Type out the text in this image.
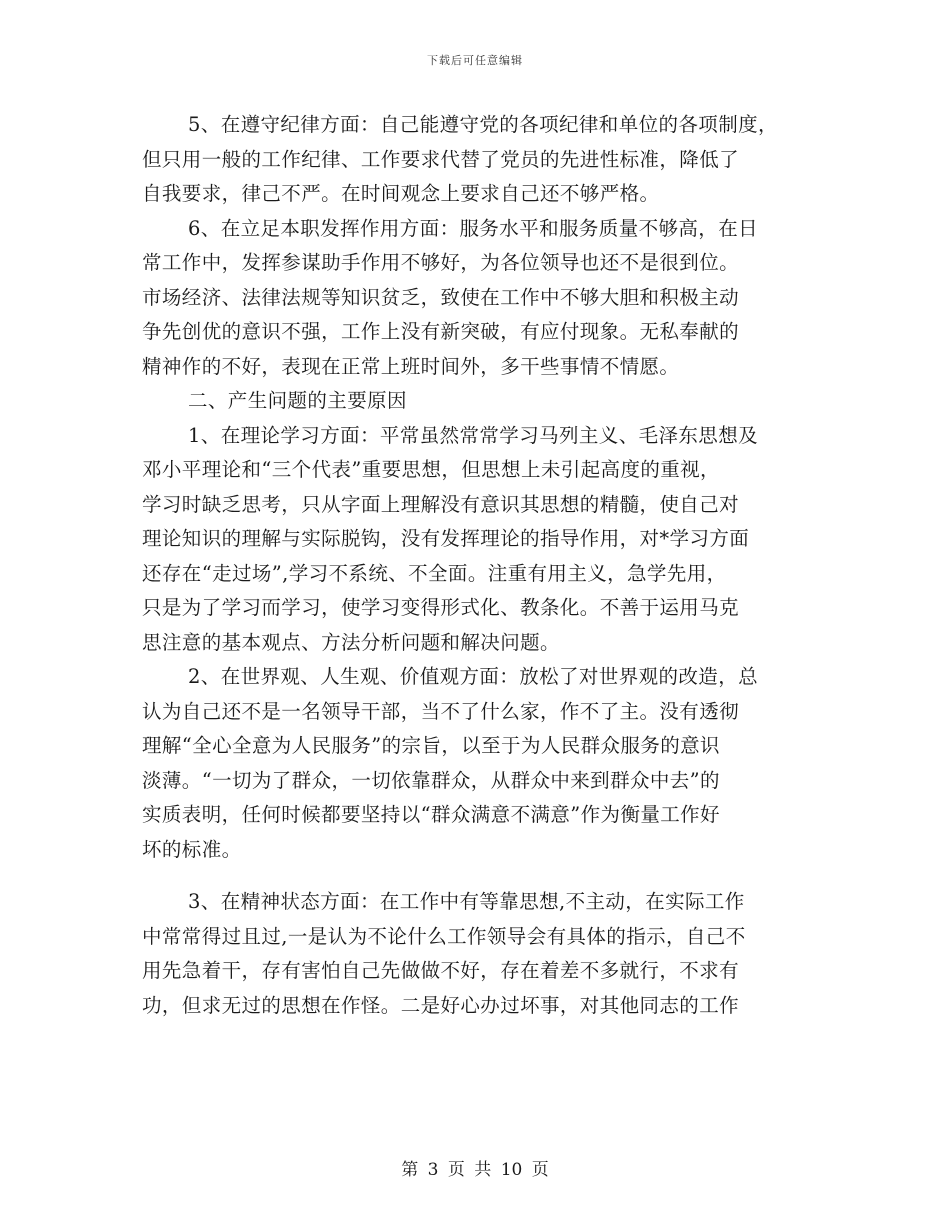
下载后可任意编辑
5、在遵守纪律方面：自己能遵守党的各项纪律和单位的各项制度，
但只用一般的工作纪律、工作要求代替了党员的先进性标准，降低了
自我要求，律己不严。在时间观念上要求自己还不够严格。
6、在立足本职发挥作用方面：服务水平和服务质量不够高，在日
常工作中，发挥参谋助手作用不够好，为各位领导也还不是很到位。
市场经济、法律法规等知识贫乏，致使在工作中不够大胆和积极主动
争先创优的意识不强，工作上没有新突破，有应付现象。无私奉献的
精神作的不好，表现在正常上班时间外，多干些事情不情愿。
二、产生问题的主要原因
1、在理论学习方面：平常虽然常常学习马列主义、毛泽东思想及
邓小平理论和“三个代表”重要思想，但思想上未引起高度的重视，
学习时缺乏思考，只从字面上理解没有意识其思想的精髓，使自己对
理论知识的理解与实际脱钩，没有发挥理论的指导作用，对*学习方面
还存在“走过场”,学习不系统、不全面。注重有用主义，急学先用，
只是为了学习而学习，使学习变得形式化、教条化。不善于运用马克
思注意的基本观点、方法分析问题和解决问题。
2、在世界观、人生观、价值观方面：放松了对世界观的改造，总
认为自己还不是一名领导干部，当不了什么家，作不了主。没有透彻
理解“全心全意为人民服务”的宗旨，以至于为人民群众服务的意识
淡薄。“一切为了群众，一切依靠群众，从群众中来到群众中去”的
实质表明，任何时候都要坚持以“群众满意不满意”作为衡量工作好
坏的标准。
3、在精神状态方面：在工作中有等靠思想,不主动，在实际工作
中常常得过且过,一是认为不论什么工作领导会有具体的指示，自己不
用先急着干，存有害怕自己先做做不好，存在着差不多就行，不求有
功，但求无过的思想在作怪。二是好心办过坏事，对其他同志的工作
第 3 页 共 10 页
